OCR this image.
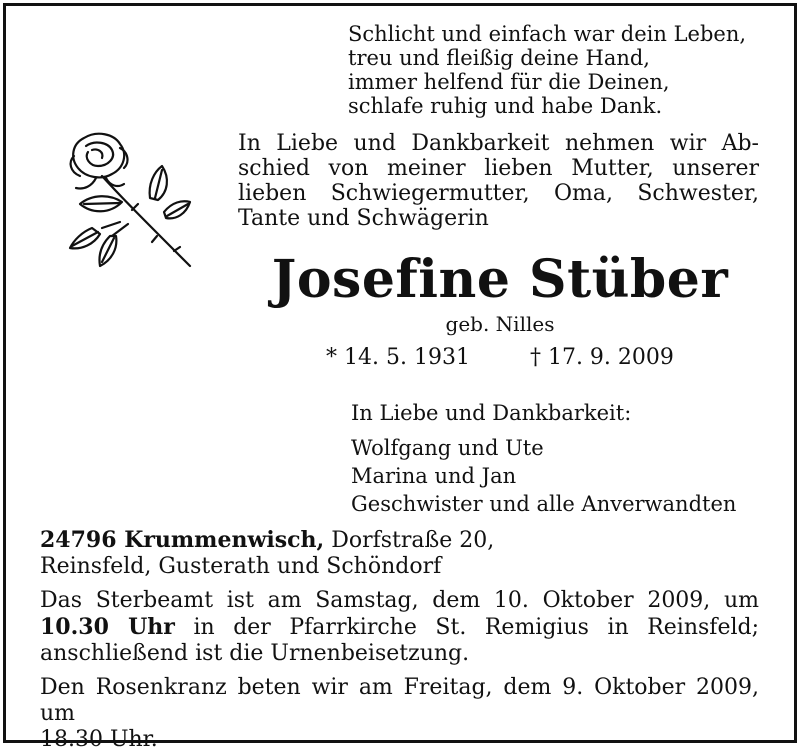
Schlicht und einfach war dein Leben,
treu und fleißig deine Hand,
immer helfend für die Deinen,
schlafe ruhig und habe Dank.
In Liebe und Dankbarkeit nehmen wir Ab-
schied von meiner lieben Mutter, unserer
lieben Schwiegermutter, Oma, Schwester,
Tante und Schwägerin
Josefine Stüber
geb. Nilles
* 14. 5. 1931	† 17. 9. 2009
In Liebe und Dankbarkeit:
Wolfgang und Ute
Marina und Jan
Geschwister und alle Anverwandten

24796 Krummenwisch, Dorfstraße 20,
Reinsfeld, Gusterath und Schöndorf

Das Sterbeamt ist am Samstag, dem 10. Oktober 2009, um
10.30 Uhr in der Pfarrkirche St. Remigius in Reinsfeld;
anschließend ist die Urnenbeisetzung.

Den Rosenkranz beten wir am Freitag, dem 9. Oktober 2009, um
18.30 Uhr.
